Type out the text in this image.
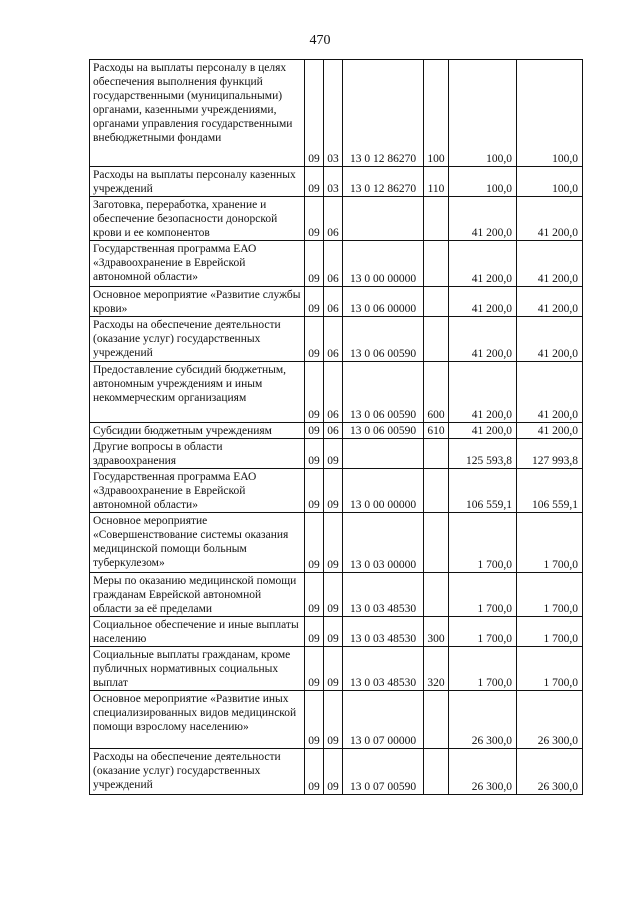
470
Расходы на выплаты персоналу в целях обеспечения выполнения функций государственными (муниципальными) органами, казенными учреждениями, органами управления государственными внебюджетными фондами	09	03	13 0 12 86270	100	100,0	100,0
Расходы на выплаты персоналу казенных учреждений	09	03	13 0 12 86270	110	100,0	100,0
Заготовка, переработка, хранение и обеспечение безопасности донорской крови и ее компонентов	09	06			41 200,0	41 200,0
Государственная программа ЕАО «Здравоохранение в Еврейской автономной области»	09	06	13 0 00 00000		41 200,0	41 200,0
Основное мероприятие «Развитие службы крови»	09	06	13 0 06 00000		41 200,0	41 200,0
Расходы на обеспечение деятельности (оказание услуг) государственных учреждений	09	06	13 0 06 00590		41 200,0	41 200,0
Предоставление субсидий бюджетным, автономным учреждениям и иным некоммерческим организациям	09	06	13 0 06 00590	600	41 200,0	41 200,0
Субсидии бюджетным учреждениям	09	06	13 0 06 00590	610	41 200,0	41 200,0
Другие вопросы в области здравоохранения	09	09			125 593,8	127 993,8
Государственная программа ЕАО «Здравоохранение в Еврейской автономной области»	09	09	13 0 00 00000		106 559,1	106 559,1
Основное мероприятие «Совершенствование системы оказания медицинской помощи больным туберкулезом»	09	09	13 0 03 00000		1 700,0	1 700,0
Меры по оказанию медицинской помощи гражданам Еврейской автономной области за её пределами	09	09	13 0 03 48530		1 700,0	1 700,0
Социальное обеспечение и иные выплаты населению	09	09	13 0 03 48530	300	1 700,0	1 700,0
Социальные выплаты гражданам, кроме публичных нормативных социальных выплат	09	09	13 0 03 48530	320	1 700,0	1 700,0
Основное мероприятие «Развитие иных специализированных видов медицинской помощи взрослому населению»	09	09	13 0 07 00000		26 300,0	26 300,0
Расходы на обеспечение деятельности (оказание услуг) государственных учреждений	09	09	13 0 07 00590		26 300,0	26 300,0
